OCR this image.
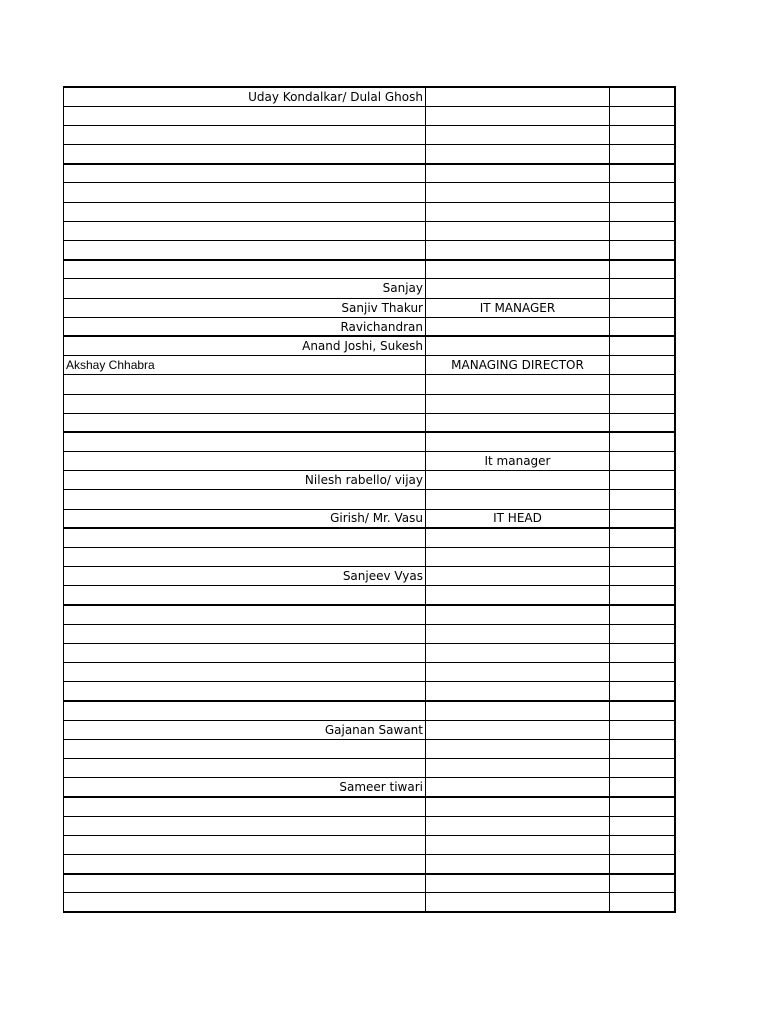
Uday Kondalkar/ Dulal Ghosh		

Sanjay		
Sanjiv Thakur	IT MANAGER	
Ravichandran		
Anand Joshi, Sukesh		
Akshay Chhabra	MANAGING DIRECTOR	

	It manager	
Nilesh rabello/ vijay		

Girish/ Mr. Vasu	IT HEAD	

Sanjeev Vyas		

Gajanan Sawant		

Sameer tiwari		
